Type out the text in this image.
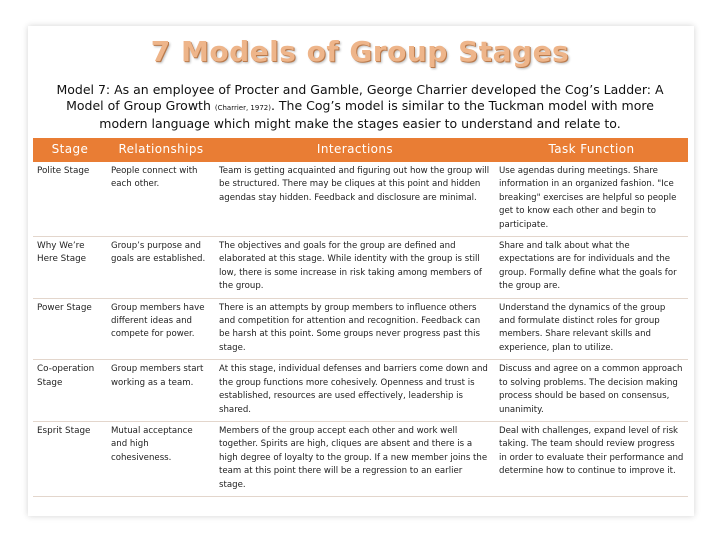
7 Models of Group Stages
Model 7: As an employee of Procter and Gamble, George Charrier developed the Cog’s Ladder: A Model of Group Growth (Charrier, 1972). The Cog’s model is similar to the Tuckman model with more modern language which might make the stages easier to understand and relate to.
Stage	Relationships	Interactions	Task Function
Polite Stage	People connect with each other.	Team is getting acquainted and figuring out how the group will be structured. There may be cliques at this point and hidden agendas stay hidden. Feedback and disclosure are minimal.	Use agendas during meetings. Share information in an organized fashion. "Ice breaking" exercises are helpful so people get to know each other and begin to participate.
Why We’re Here Stage	Group’s purpose and goals are established.	The objectives and goals for the group are defined and elaborated at this stage. While identity with the group is still low, there is some increase in risk taking among members of the group.	Share and talk about what the expectations are for individuals and the group. Formally define what the goals for the group are.
Power Stage	Group members have different ideas and compete for power.	There is an attempts by group members to influence others and competition for attention and recognition. Feedback can be harsh at this point. Some groups never progress past this stage.	Understand the dynamics of the group and formulate distinct roles for group members. Share relevant skills and experience, plan to utilize.
Co-operation Stage	Group members start working as a team.	At this stage, individual defenses and barriers come down and the group functions more cohesively. Openness and trust is established, resources are used effectively, leadership is shared.	Discuss and agree on a common approach to solving problems. The decision making process should be based on consensus, unanimity.
Esprit Stage	Mutual acceptance and high cohesiveness.	Members of the group accept each other and work well together. Spirits are high, cliques are absent and there is a high degree of loyalty to the group. If a new member joins the team at this point there will be a regression to an earlier stage.	Deal with challenges, expand level of risk taking. The team should review progress in order to evaluate their performance and determine how to continue to improve it.
